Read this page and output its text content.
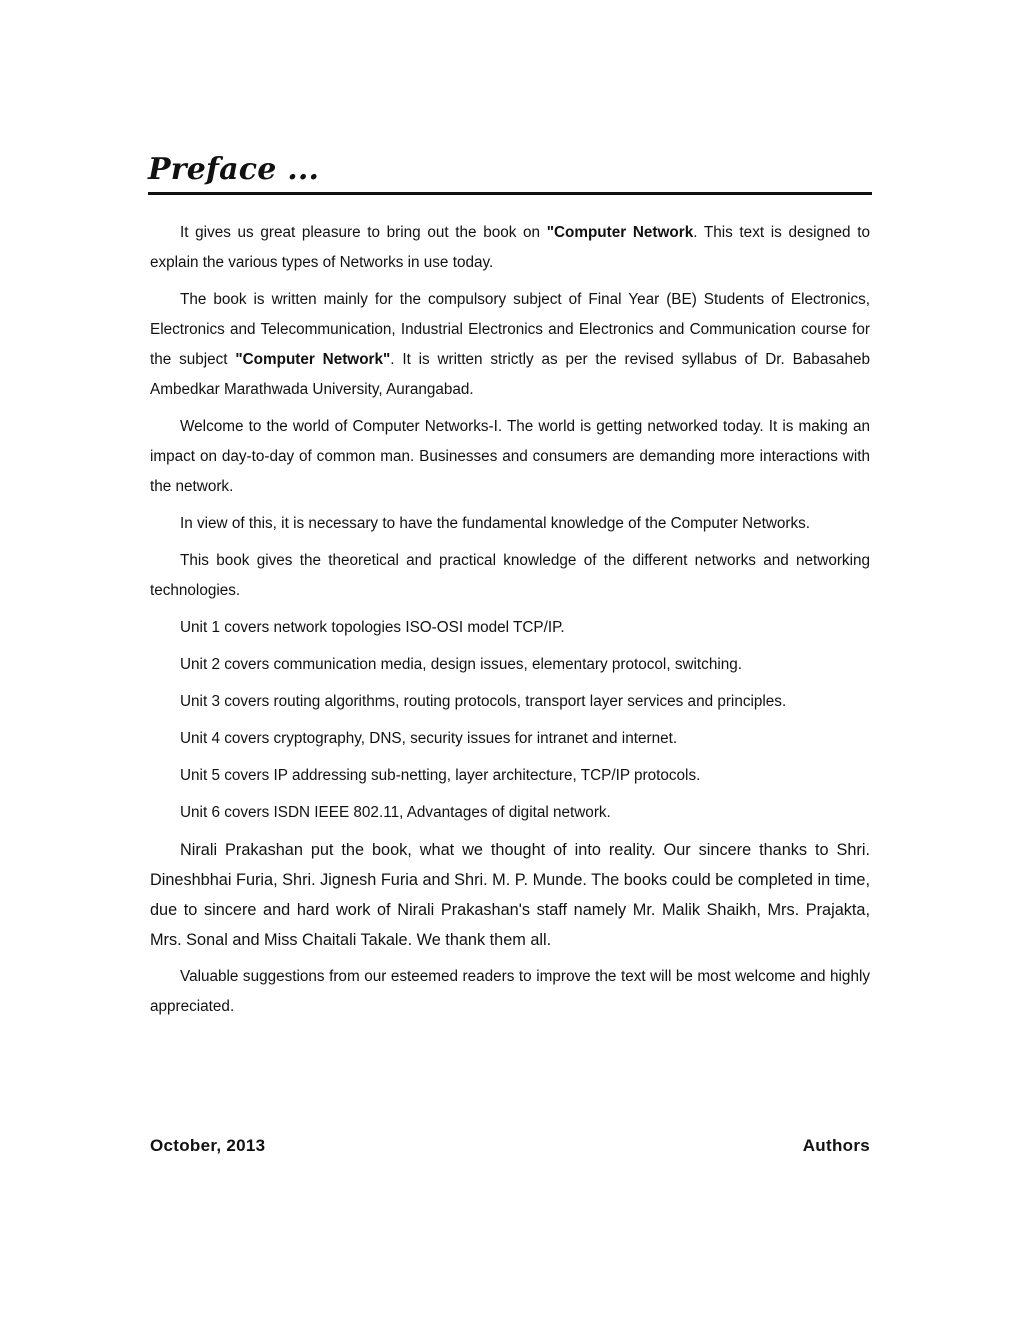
Preface ...

It gives us great pleasure to bring out the book on "Computer Network. This text is designed to explain the various types of Networks in use today.

The book is written mainly for the compulsory subject of Final Year (BE) Students of Electronics, Electronics and Telecommunication, Industrial Electronics and Electronics and Communication course for the subject "Computer Network". It is written strictly as per the revised syllabus of Dr. Babasaheb Ambedkar Marathwada University, Aurangabad.

Welcome to the world of Computer Networks-I. The world is getting networked today. It is making an impact on day-to-day of common man. Businesses and consumers are demanding more interactions with the network.

In view of this, it is necessary to have the fundamental knowledge of the Computer Networks.

This book gives the theoretical and practical knowledge of the different networks and networking technologies.

Unit 1 covers network topologies ISO-OSI model TCP/IP.

Unit 2 covers communication media, design issues, elementary protocol, switching.

Unit 3 covers routing algorithms, routing protocols, transport layer services and principles.

Unit 4 covers cryptography, DNS, security issues for intranet and internet.

Unit 5 covers IP addressing sub-netting, layer architecture, TCP/IP protocols.

Unit 6 covers ISDN IEEE 802.11, Advantages of digital network.

Nirali Prakashan put the book, what we thought of into reality. Our sincere thanks to Shri. Dineshbhai Furia, Shri. Jignesh Furia and Shri. M. P. Munde. The books could be completed in time, due to sincere and hard work of Nirali Prakashan's staff namely Mr. Malik Shaikh, Mrs. Prajakta, Mrs. Sonal and Miss Chaitali Takale. We thank them all.

Valuable suggestions from our esteemed readers to improve the text will be most welcome and highly appreciated.

October, 2013	Authors
